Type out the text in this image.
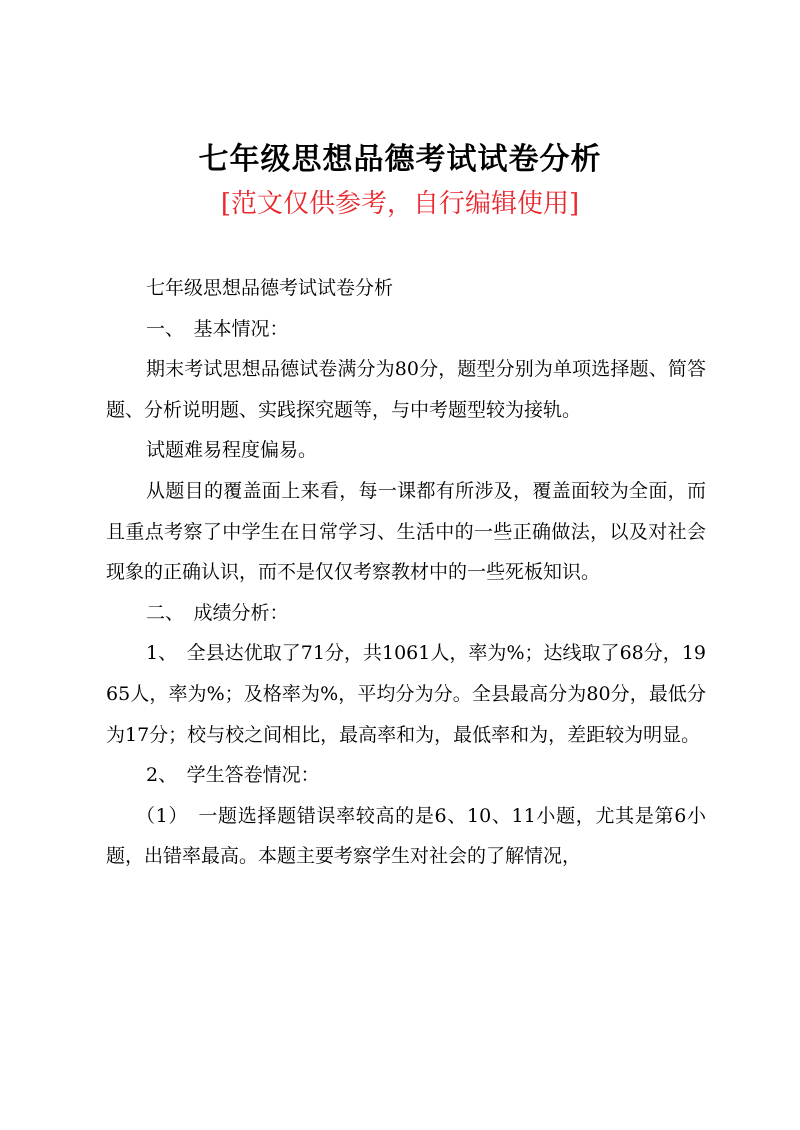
七年级思想品德考试试卷分析
[范文仅供参考，自行编辑使用]

七年级思想品德考试试卷分析

一、　基本情况：

期末考试思想品德试卷满分为80分，题型分别为单项选择题、简答题、分析说明题、实践探究题等，与中考题型较为接轨。

试题难易程度偏易。

从题目的覆盖面上来看，每一课都有所涉及，覆盖面较为全面，而且重点考察了中学生在日常学习、生活中的一些正确做法，以及对社会现象的正确认识，而不是仅仅考察教材中的一些死板知识。

二、　成绩分析：

1、　全县达优取了71分，共1061人，率为%；达线取了68分，1965人，率为%；及格率为%，平均分为分。全县最高分为80分，最低分为17分；校与校之间相比，最高率和为，最低率和为，差距较为明显。

2、　学生答卷情况：

（1）　一题选择题错误率较高的是6、10、11小题，尤其是第6小题，出错率最高。本题主要考察学生对社会的了解情况，
